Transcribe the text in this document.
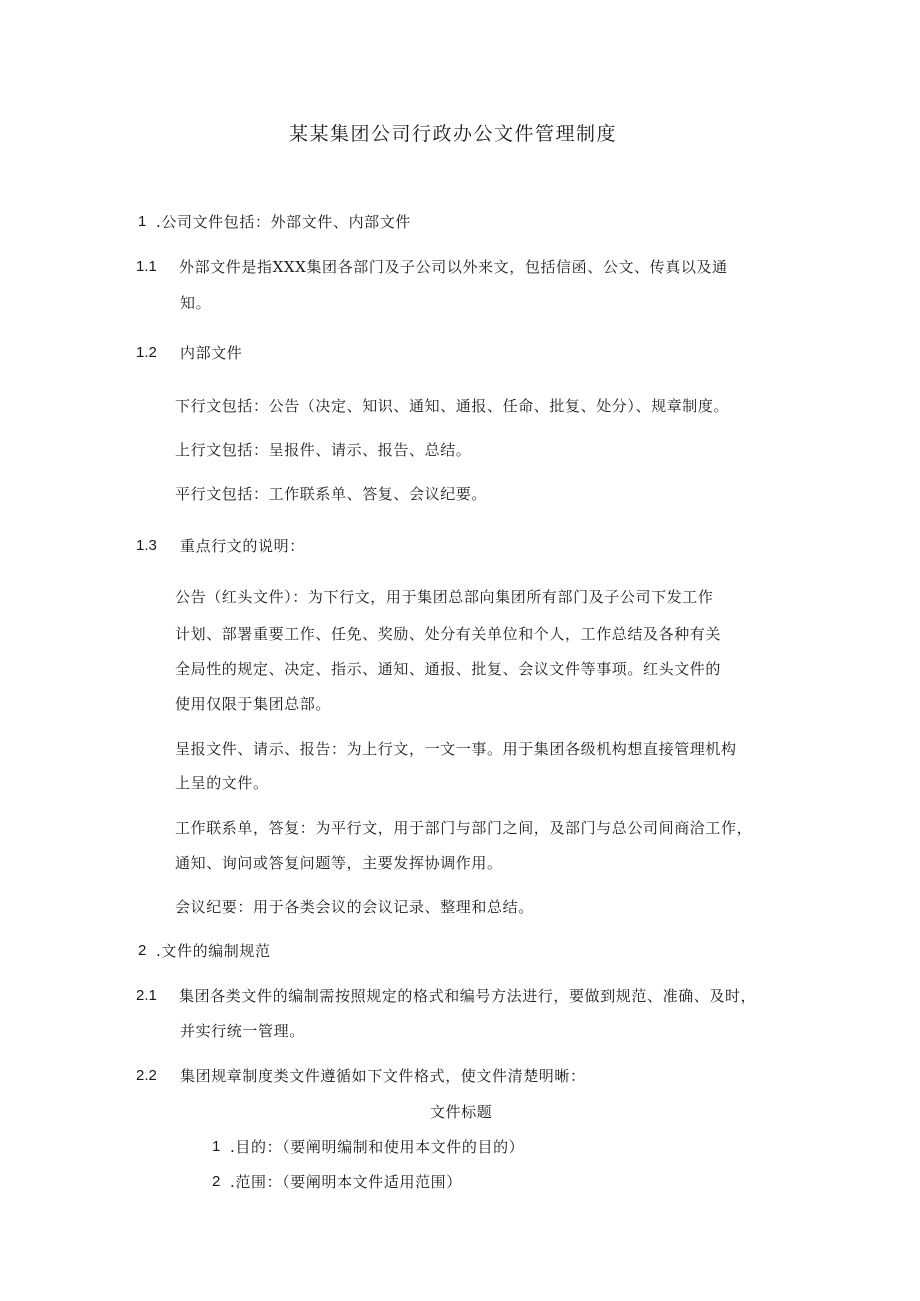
某某集团公司行政办公文件管理制度
1 .公司文件包括：外部文件、内部文件
1.1 外部文件是指XXX集团各部门及子公司以外来文，包括信函、公文、传真以及通
知。
1.2 内部文件
下行文包括：公告（决定、知识、通知、通报、任命、批复、处分）、规章制度。
上行文包括：呈报件、请示、报告、总结。
平行文包括：工作联系单、答复、会议纪要。
1.3 重点行文的说明：
公告（红头文件）：为下行文，用于集团总部向集团所有部门及子公司下发工作
计划、部署重要工作、任免、奖励、处分有关单位和个人，工作总结及各种有关
全局性的规定、决定、指示、通知、通报、批复、会议文件等事项。红头文件的
使用仅限于集团总部。
呈报文件、请示、报告：为上行文，一文一事。用于集团各级机构想直接管理机构
上呈的文件。
工作联系单，答复：为平行文，用于部门与部门之间，及部门与总公司间商洽工作，
通知、询问或答复问题等，主要发挥协调作用。
会议纪要：用于各类会议的会议记录、整理和总结。
2 .文件的编制规范
2.1 集团各类文件的编制需按照规定的格式和编号方法进行，要做到规范、准确、及时，
并实行统一管理。
2.2 集团规章制度类文件遵循如下文件格式，使文件清楚明晰：
文件标题
1 .目的：（要阐明编制和使用本文件的目的）
2 .范围：（要阐明本文件适用范围）
